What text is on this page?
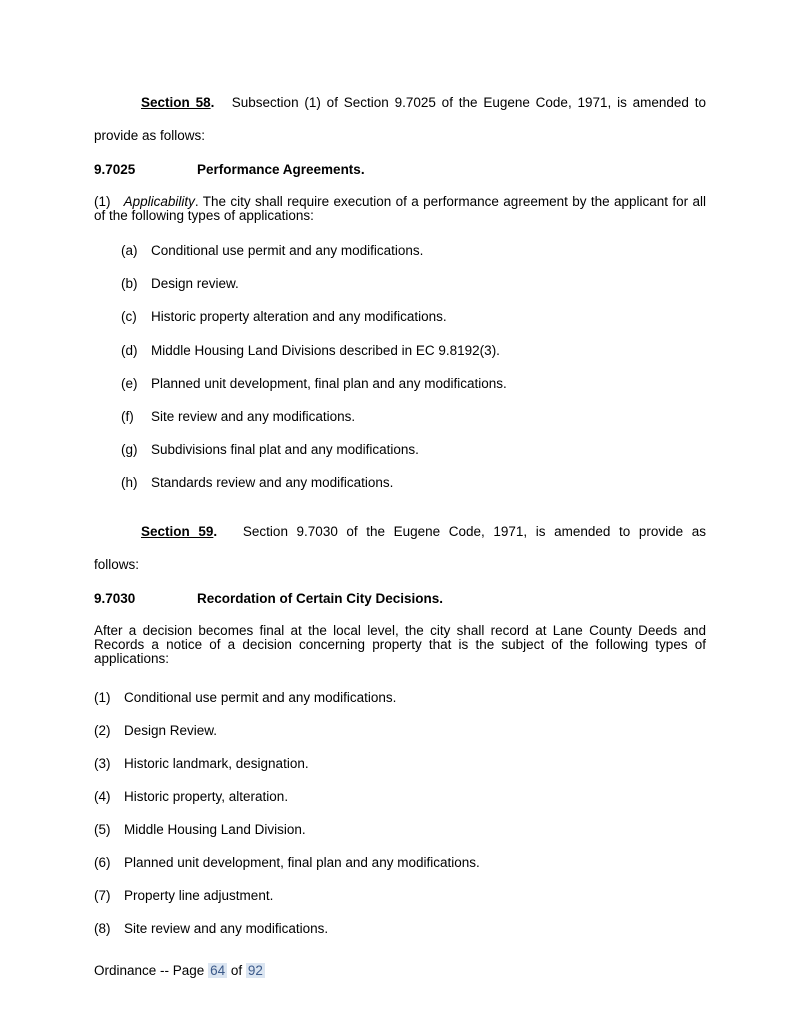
Section 58. Subsection (1) of Section 9.7025 of the Eugene Code, 1971, is amended to
provide as follows:
9.7025	Performance Agreements.
(1) Applicability. The city shall require execution of a performance agreement by the applicant for all of the following types of applications:
(a) Conditional use permit and any modifications.
(b) Design review.
(c) Historic property alteration and any modifications.
(d) Middle Housing Land Divisions described in EC 9.8192(3).
(e) Planned unit development, final plan and any modifications.
(f) Site review and any modifications.
(g) Subdivisions final plat and any modifications.
(h) Standards review and any modifications.
Section 59. Section 9.7030 of the Eugene Code, 1971, is amended to provide as
follows:
9.7030	Recordation of Certain City Decisions.
After a decision becomes final at the local level, the city shall record at Lane County Deeds and Records a notice of a decision concerning property that is the subject of the following types of applications:
(1) Conditional use permit and any modifications.
(2) Design Review.
(3) Historic landmark, designation.
(4) Historic property, alteration.
(5) Middle Housing Land Division.
(6) Planned unit development, final plan and any modifications.
(7) Property line adjustment.
(8) Site review and any modifications.
Ordinance -- Page 64 of 92
